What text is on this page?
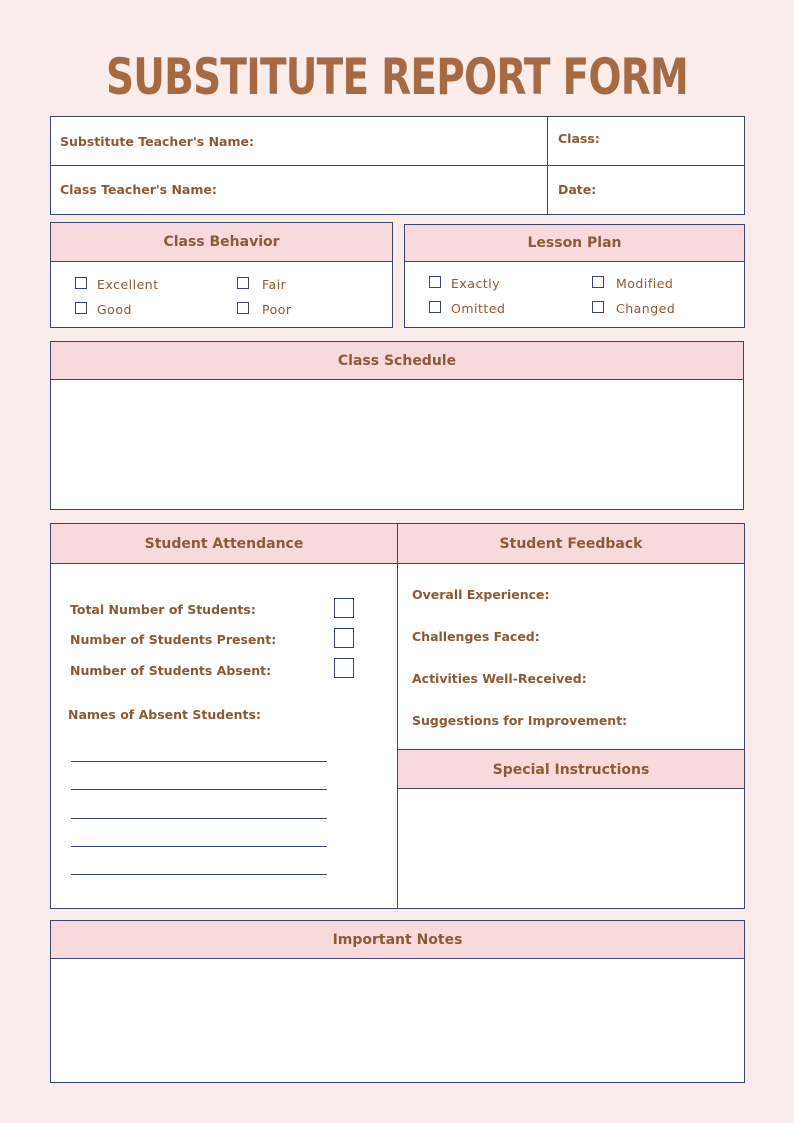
SUBSTITUTE REPORT FORM
Substitute Teacher's Name:	Class:
Class Teacher's Name:	Date:
Class Behavior
Excellent	Fair
Good	Poor
Lesson Plan
Exactly	Modified
Omitted	Changed
Class Schedule
Student Attendance	Student Feedback
Total Number of Students:
Number of Students Present:
Number of Students Absent:
Names of Absent Students:
Overall Experience:
Challenges Faced:
Activities Well-Received:
Suggestions for Improvement:
Special Instructions
Important Notes
